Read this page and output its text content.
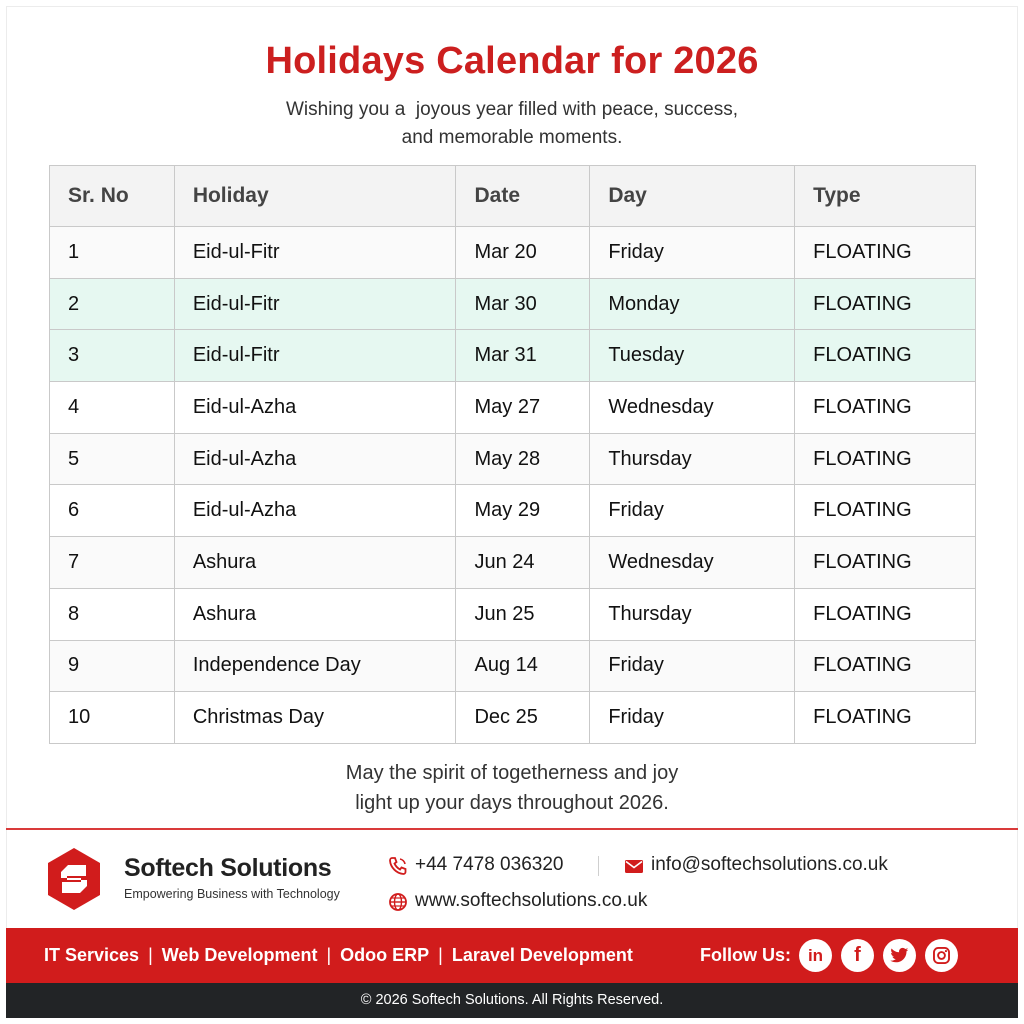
Holidays Calendar for 2026
Wishing you a  joyous year filled with peace, success,
and memorable moments.
Sr. No	Holiday	Date	Day	Type
1	Eid-ul-Fitr	Mar 20	Friday	FLOATING
2	Eid-ul-Fitr	Mar 30	Monday	FLOATING
3	Eid-ul-Fitr	Mar 31	Tuesday	FLOATING
4	Eid-ul-Azha	May 27	Wednesday	FLOATING
5	Eid-ul-Azha	May 28	Thursday	FLOATING
6	Eid-ul-Azha	May 29	Friday	FLOATING
7	Ashura	Jun 24	Wednesday	FLOATING
8	Ashura	Jun 25	Thursday	FLOATING
9	Independence Day	Aug 14	Friday	FLOATING
10	Christmas Day	Dec 25	Friday	FLOATING
May the spirit of togetherness and joy
light up your days throughout 2026.
Softech Solutions
Empowering Business with Technology
+44 7478 036320	info@softechsolutions.co.uk
www.softechsolutions.co.uk
IT Services | Web Development | Odoo ERP | Laravel Development	Follow Us: in	f
© 2026 Softech Solutions. All Rights Reserved.
